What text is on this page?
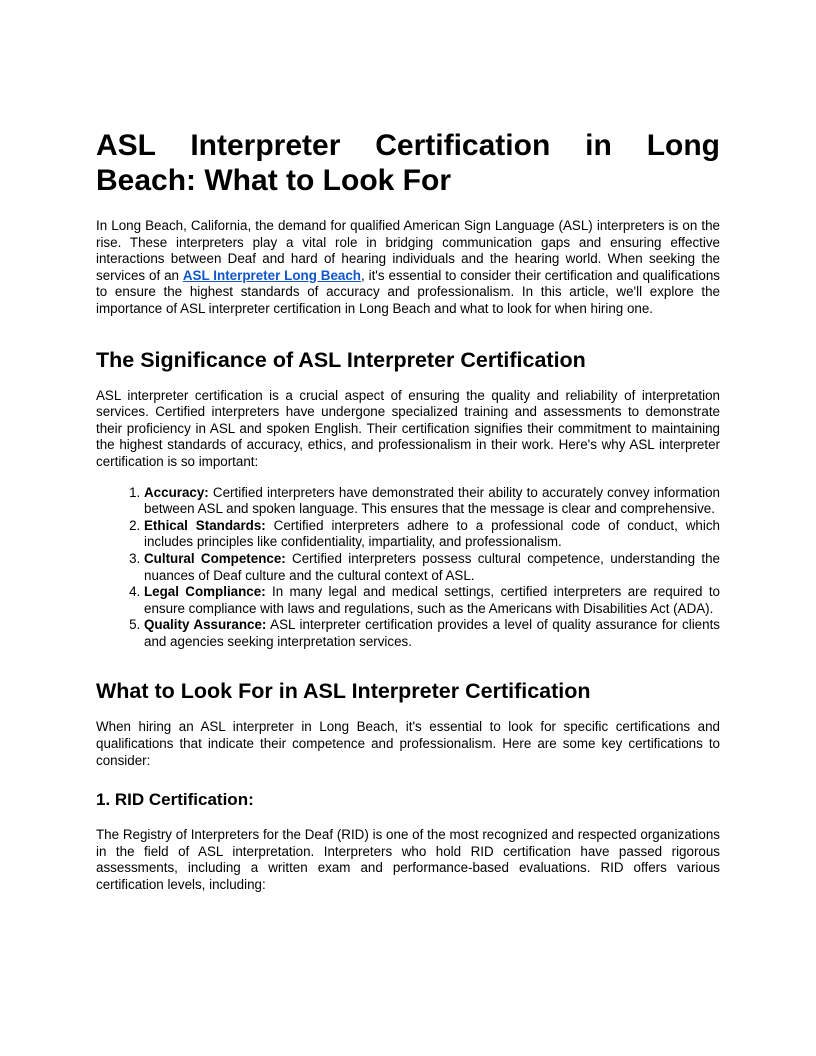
ASL Interpreter Certification in Long
Beach: What to Look For

In Long Beach, California, the demand for qualified American Sign Language (ASL) interpreters is on the rise. These interpreters play a vital role in bridging communication gaps and ensuring effective interactions between Deaf and hard of hearing individuals and the hearing world. When seeking the services of an ASL Interpreter Long Beach, it's essential to consider their certification and qualifications to ensure the highest standards of accuracy and professionalism. In this article, we'll explore the importance of ASL interpreter certification in Long Beach and what to look for when hiring one.

The Significance of ASL Interpreter Certification

ASL interpreter certification is a crucial aspect of ensuring the quality and reliability of interpretation services. Certified interpreters have undergone specialized training and assessments to demonstrate their proficiency in ASL and spoken English. Their certification signifies their commitment to maintaining the highest standards of accuracy, ethics, and professionalism in their work. Here's why ASL interpreter certification is so important:

1. Accuracy: Certified interpreters have demonstrated their ability to accurately convey information between ASL and spoken language. This ensures that the message is clear and comprehensive.
2. Ethical Standards: Certified interpreters adhere to a professional code of conduct, which includes principles like confidentiality, impartiality, and professionalism.
3. Cultural Competence: Certified interpreters possess cultural competence, understanding the nuances of Deaf culture and the cultural context of ASL.
4. Legal Compliance: In many legal and medical settings, certified interpreters are required to ensure compliance with laws and regulations, such as the Americans with Disabilities Act (ADA).
5. Quality Assurance: ASL interpreter certification provides a level of quality assurance for clients and agencies seeking interpretation services.
What to Look For in ASL Interpreter Certification

When hiring an ASL interpreter in Long Beach, it's essential to look for specific certifications and qualifications that indicate their competence and professionalism. Here are some key certifications to consider:

1. RID Certification:

The Registry of Interpreters for the Deaf (RID) is one of the most recognized and respected organizations in the field of ASL interpretation. Interpreters who hold RID certification have passed rigorous assessments, including a written exam and performance-based evaluations. RID offers various certification levels, including:
